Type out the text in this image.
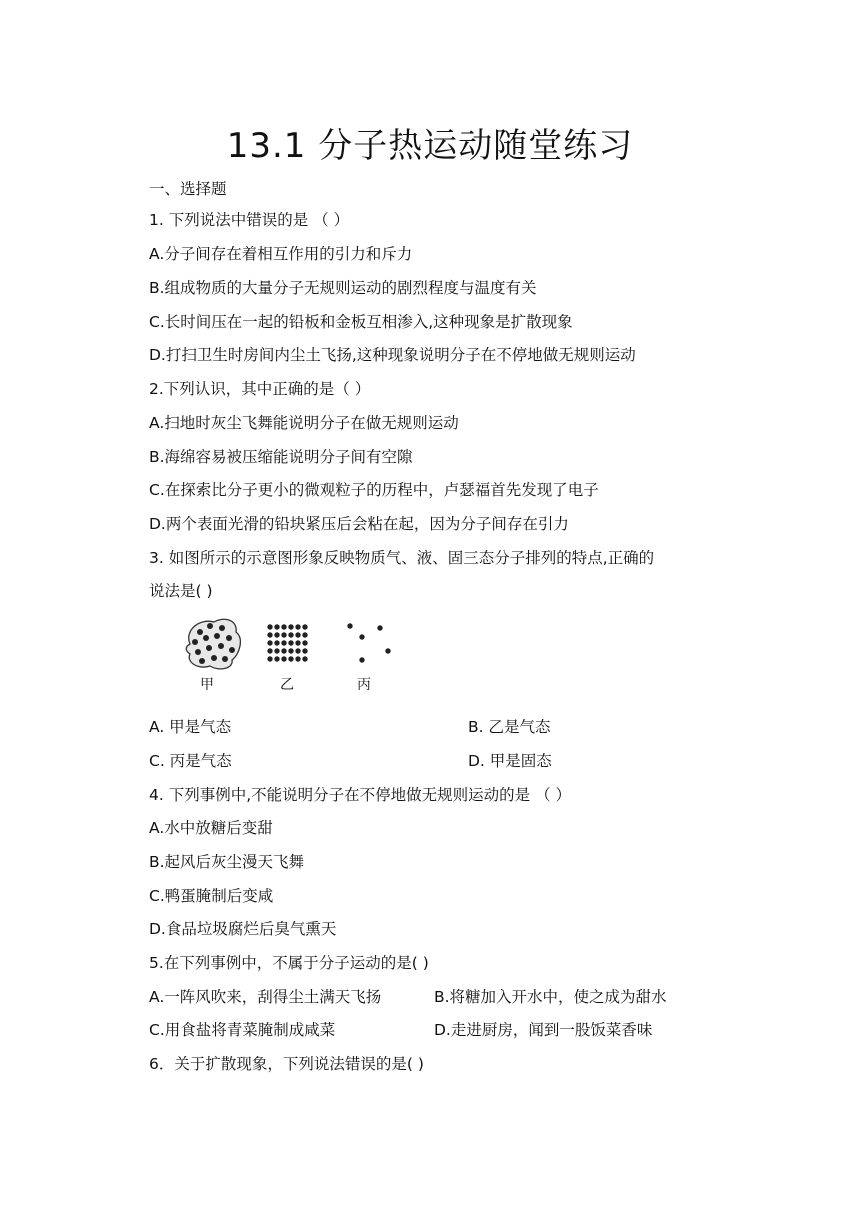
13.1 分子热运动随堂练习
一、选择题
1. 下列说法中错误的是 （ ）
A.分子间存在着相互作用的引力和斥力
B.组成物质的大量分子无规则运动的剧烈程度与温度有关
C.长时间压在一起的铅板和金板互相渗入,这种现象是扩散现象
D.打扫卫生时房间内尘土飞扬,这种现象说明分子在不停地做无规则运动
2.下列认识，其中正确的是（ ）
A.扫地时灰尘飞舞能说明分子在做无规则运动
B.海绵容易被压缩能说明分子间有空隙
C.在探索比分子更小的微观粒子的历程中，卢瑟福首先发现了电子
D.两个表面光滑的铅块紧压后会粘在起，因为分子间存在引力
3. 如图所示的示意图形象反映物质气、液、固三态分子排列的特点,正确的
说法是( )
甲	乙	丙
A. 甲是气态	B. 乙是气态
C. 丙是气态	D. 甲是固态
4. 下列事例中,不能说明分子在不停地做无规则运动的是 （ ）
A.水中放糖后变甜
B.起风后灰尘漫天飞舞
C.鸭蛋腌制后变咸
D.食品垃圾腐烂后臭气熏天
5.在下列事例中，不属于分子运动的是( )
A.一阵风吹来，刮得尘土满天飞扬	B.将糖加入开水中，使之成为甜水
C.用食盐将青菜腌制成咸菜	D.走进厨房，闻到一股饭菜香味
6．关于扩散现象，下列说法错误的是( )
